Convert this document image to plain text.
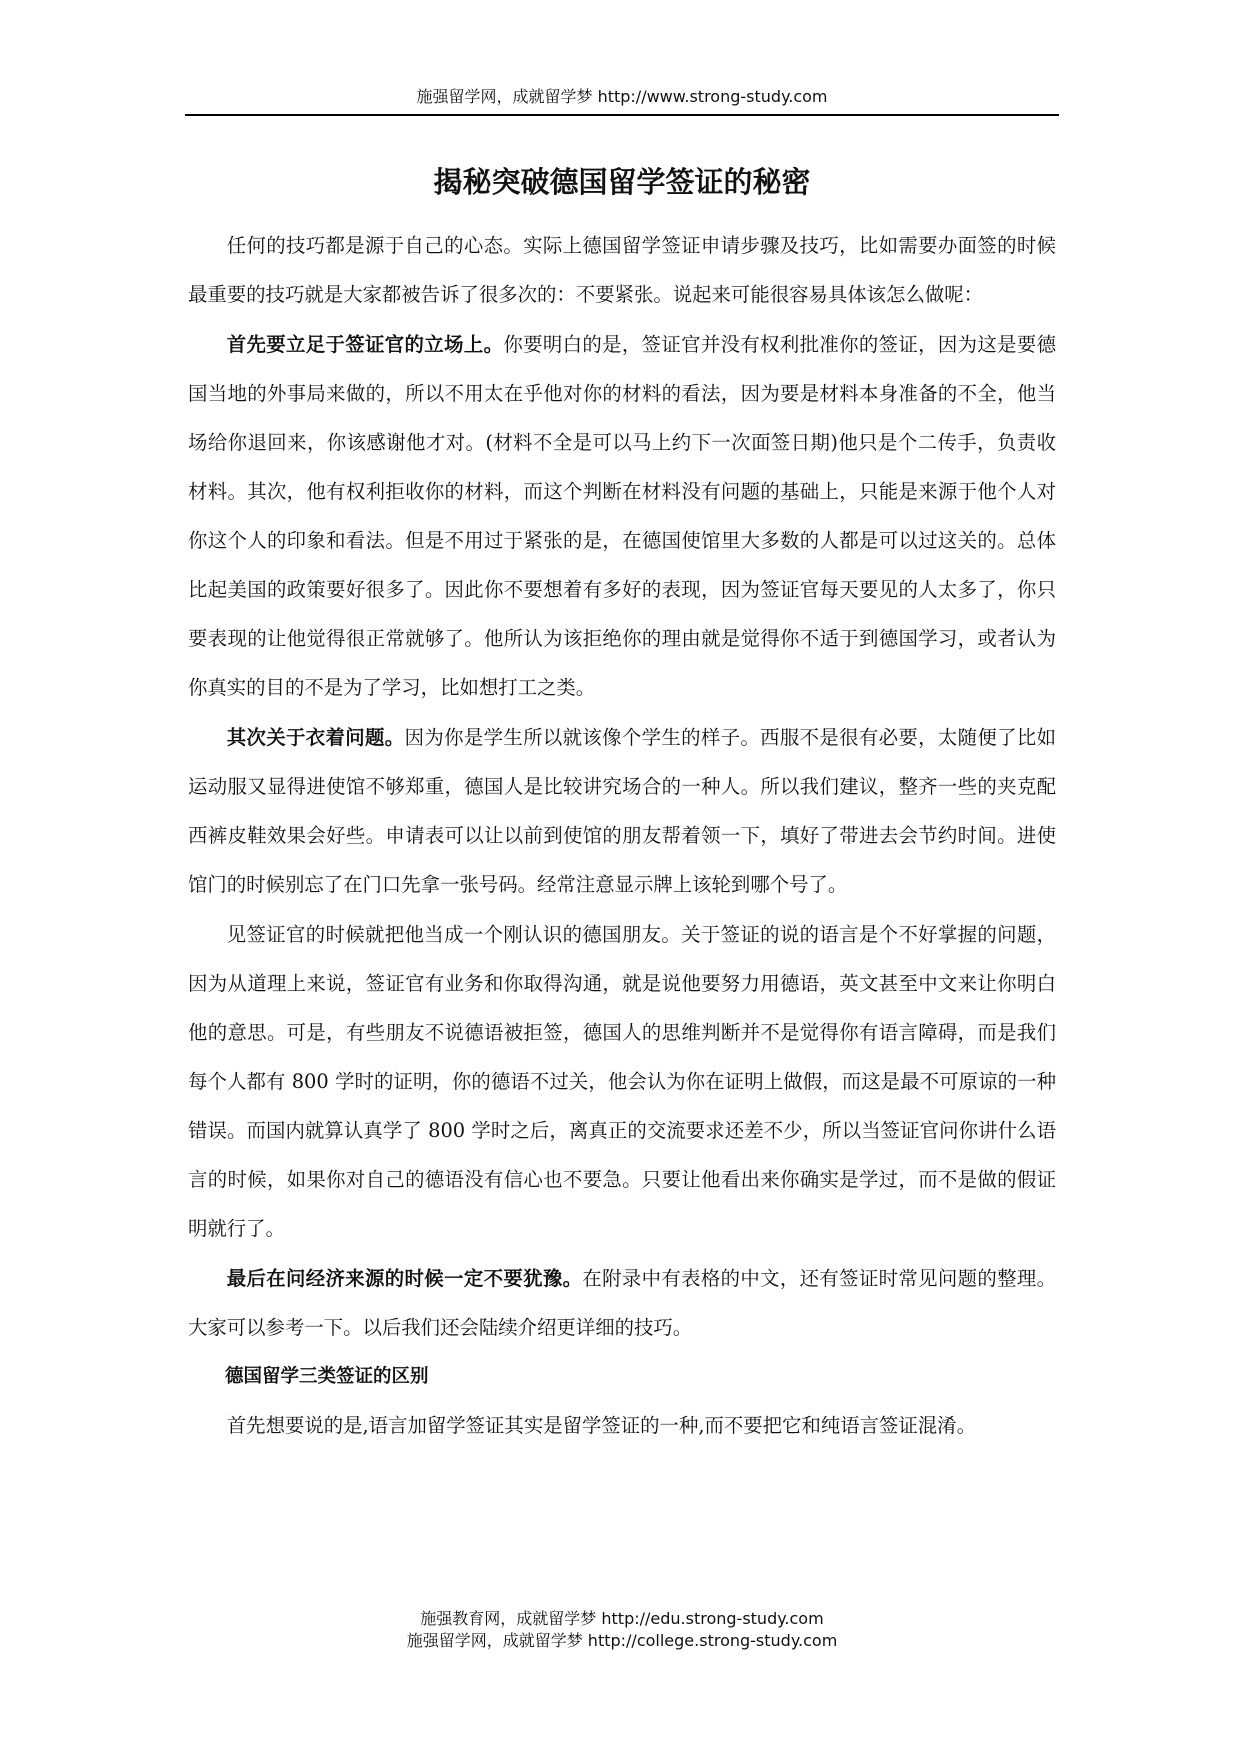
施强留学网，成就留学梦 http://www.strong-study.com
揭秘突破德国留学签证的秘密

任何的技巧都是源于自己的心态。实际上德国留学签证申请步骤及技巧，比如需要办面签的时候最重要的技巧就是大家都被告诉了很多次的：不要紧张。说起来可能很容易具体该怎么做呢：

首先要立足于签证官的立场上。你要明白的是，签证官并没有权利批准你的签证，因为这是要德国当地的外事局来做的，所以不用太在乎他对你的材料的看法，因为要是材料本身准备的不全，他当场给你退回来，你该感谢他才对。(材料不全是可以马上约下一次面签日期)他只是个二传手，负责收材料。其次，他有权利拒收你的材料，而这个判断在材料没有问题的基础上，只能是来源于他个人对你这个人的印象和看法。但是不用过于紧张的是，在德国使馆里大多数的人都是可以过这关的。总体比起美国的政策要好很多了。因此你不要想着有多好的表现，因为签证官每天要见的人太多了，你只要表现的让他觉得很正常就够了。他所认为该拒绝你的理由就是觉得你不适于到德国学习，或者认为你真实的目的不是为了学习，比如想打工之类。

其次关于衣着问题。因为你是学生所以就该像个学生的样子。西服不是很有必要，太随便了比如运动服又显得进使馆不够郑重，德国人是比较讲究场合的一种人。所以我们建议，整齐一些的夹克配西裤皮鞋效果会好些。申请表可以让以前到使馆的朋友帮着领一下，填好了带进去会节约时间。进使馆门的时候别忘了在门口先拿一张号码。经常注意显示牌上该轮到哪个号了。

见签证官的时候就把他当成一个刚认识的德国朋友。关于签证的说的语言是个不好掌握的问题，因为从道理上来说，签证官有业务和你取得沟通，就是说他要努力用德语，英文甚至中文来让你明白他的意思。可是，有些朋友不说德语被拒签，德国人的思维判断并不是觉得你有语言障碍，而是我们每个人都有 800 学时的证明，你的德语不过关，他会认为你在证明上做假，而这是最不可原谅的一种错误。而国内就算认真学了 800 学时之后，离真正的交流要求还差不少，所以当签证官问你讲什么语言的时候，如果你对自己的德语没有信心也不要急。只要让他看出来你确实是学过，而不是做的假证明就行了。

最后在问经济来源的时候一定不要犹豫。在附录中有表格的中文，还有签证时常见问题的整理。大家可以参考一下。以后我们还会陆续介绍更详细的技巧。

德国留学三类签证的区别

首先想要说的是,语言加留学签证其实是留学签证的一种,而不要把它和纯语言签证混淆。

施强教育网，成就留学梦 http://edu.strong-study.com
施强留学网，成就留学梦 http://college.strong-study.com
